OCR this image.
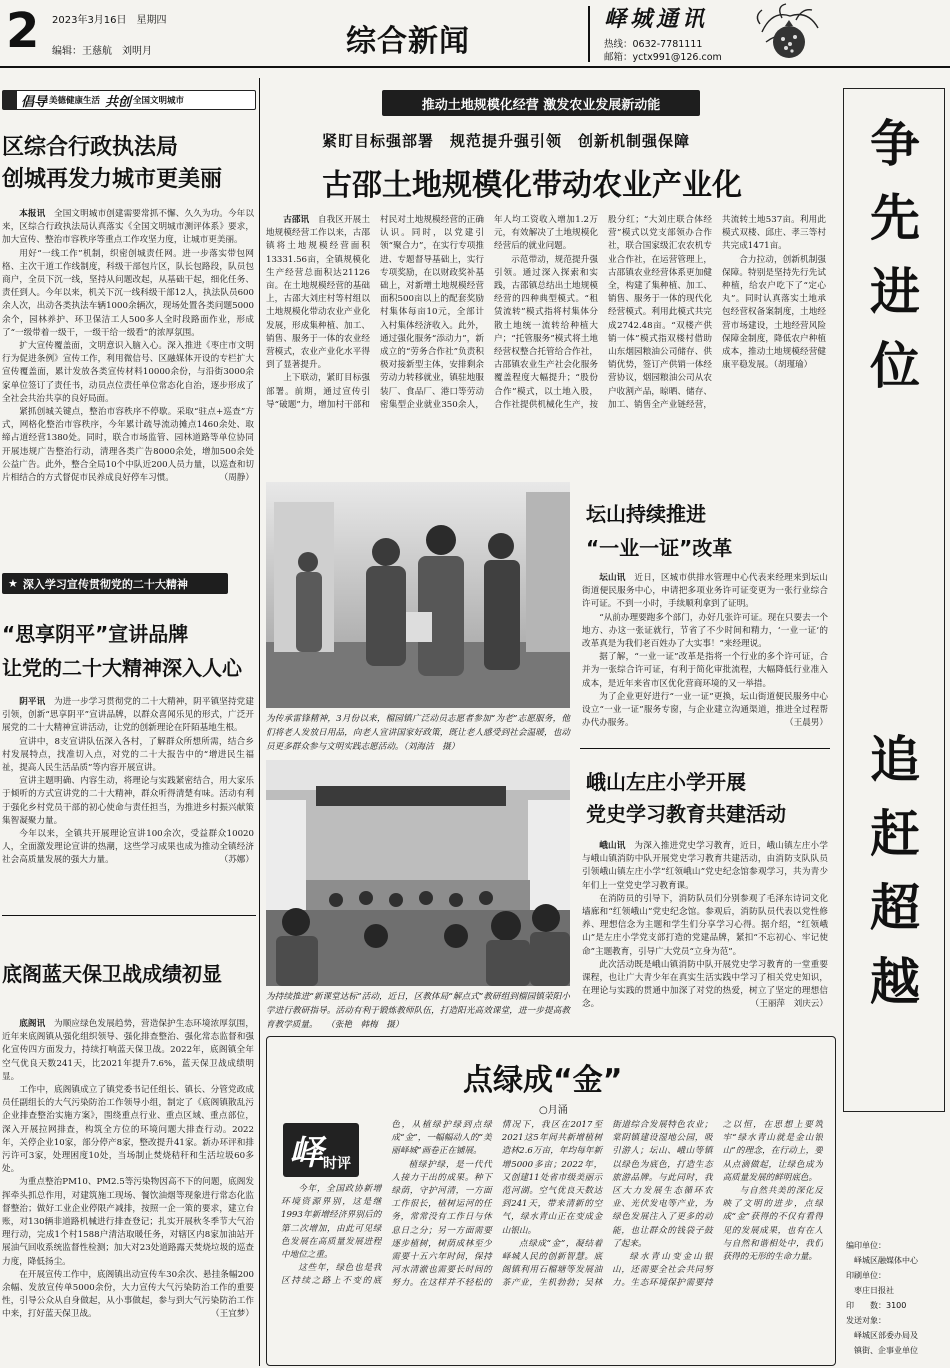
2 2023年3月16日　 星期四
编辑：王慈航　刘明月	综合新闻
峄城通讯
热线：0632-7781111
邮箱：yctx991@126.com
倡导 美德健康生活 共创 全国文明城市
区综合行政执法局
创城再发力城市更美丽

本报讯　 全国文明城市创建需要常抓不懈、久久为功。今年以来，区综合行政执法局认真落实《全国文明城市测评体系》要求，加大宣传、整治市容秩序等重点工作攻坚力度，让城市更美丽。

用好“一线工作”机制，织密创城责任网。进一步落实带包网格、主次干道工作线制度，科级干部包片区，队长包路段，队员包商户，全员下沉一线，坚持从问题改起，从基础干起，细化任务、责任到人。今年以来，机关下沉一线科级干部12人，执法队员600余人次，出动各类执法车辆1000余辆次，现场处置各类问题5000余个，园林养护、环卫保洁工人500多人全时段路面作业，形成了“一级带着一级干，一级干给一级看”的浓厚氛围。

扩大宣传覆盖面，文明意识入脑入心。深入推进《枣庄市文明行为促进条例》宣传工作，利用微信号、区融媒体开设的专栏扩大宣传覆盖面，累计发放各类宣传材料10000余份，与沿街3000余家单位签订了责任书，动员点位责任单位常态化自治，逐步形成了全社会共治共享的良好局面。

紧抓创城关键点，整治市容秩序不停歇。采取“驻点+巡查”方式，网格化整治市容秩序，今年累计疏导流动摊点1460余处、取缔占道经营1380处。同时，联合市场监管、园林道路等单位协同开展违规广告整治行动，清理各类广告8000余处，增加500余处公益广告。此外，整合全局10个中队近200人员力量，以巡查和切片相结合的方式督促市民养成良好停车习惯。	（周静）

★ 深入学习宣传贯彻党的二十大精神
“思享阴平”宣讲品牌
让党的二十大精神深入人心

阴平讯　 为进一步学习贯彻党的二十大精神，阴平镇坚持党建引领，创新“思享阴平”宣讲品牌，以群众喜闻乐见的形式，广泛开展党的二十大精神宣讲活动，让党的创新理论在阡陌基地生根。

宣讲中，8支宣讲队伍深入各村，了解群众所想所需，结合乡村发展特点，找准切入点，对党的二十大报告中的“增进民生福祉，提高人民生活品质”等内容开展宣讲。

宣讲主题明确、内容生动，将理论与实践紧密结合，用大家乐于倾听的方式宣讲党的二十大精神，群众听得清楚有味。活动有利于强化乡村党员干部的初心使命与责任担当，为推进乡村振兴献策集智凝聚力量。

今年以来，全镇共开展理论宣讲100余次，受益群众10020人，全面激发理论宣讲的热潮，这些学习成果也成为推动全镇经济社会高质量发展的强大力量。	（苏娜）

底阁蓝天保卫战成绩初显

底阁讯　 为顺应绿色发展趋势，营造保护生态环境浓厚氛围，近年来底阁镇从强化组织领导、强化排查整治、强化常态监督和强化宣传四方面发力，持续打响蓝天保卫战。2022年，底阁镇全年空气优良天数241天，比2021年提升7.6%，蓝天保卫战成绩明显。

工作中，底阁镇成立了镇党委书记任组长、镇长、分管党政成员任副组长的大气污染防治工作领导小组，制定了《底阁镇散乱污企业排查整治实施方案》，围绕重点行业、重点区域、重点部位，深入开展拉网排查，构筑全方位的环境问题大排查行动。2022年，关停企业10家，部分停产8家，整改提升41家。新办环评和排污许可3家，处理困度10处，当场制止焚烧秸秆和生活垃圾60多处。

为重点整治PM10、PM2.5等污染物因高不下的问题，底阁发挥牵头抓总作用，对建筑施工现场、餐饮油烟等现象进行常态化监督整治；做好工业企业停限产减排，按照一企一策的要求，建立台账，对130辆非道路机械进行排查登记；扎实开展秋冬季节大气治理行动，完成1个村1588户清洁取暖任务，对辖区内8家加油站开展油气回收系统监督性检测；加大对23处道路露天焚烧垃圾的巡查力度，降低扬尘。

在开展宣传工作中，底阁镇出动宣传车30余次、悬挂条幅200余幅、发放宣传单5000余份，大力宣传大气污染防治工作的重要性，引导公众从自身做起，从小事做起，参与到大气污染防治工作中来，打好蓝天保卫战。	（王宜梦）

推动土地规模化经营 激发农业发展新动能
紧盯目标强部署　规范提升强引领　创新机制强保障
古邵土地规模化带动农业产业化

古邵讯　 自我区开展土地规模经营工作以来，古邵镇将土地规模经营面积13331.56亩，全镇规模化生产经营总面积达21126亩。在土地规模经营的基础上，古邵大刘庄村等村组以土地规模化带动农业产业化发展，形成集种植、加工、销售、服务于一体的农业经营模式，农业产业化水平得到了显著提升。

上下联动，紧盯目标强部署。前期，通过宣传引导“破题”力，增加村干部和村民对土地规模经营的正确认识。同时，以党建引领“聚合力”，在实行专项推进、专题督导基础上，实行专项奖励，在以财政奖补基础上，对新增土地规模经营面积500亩以上的配套奖励村集体每亩10元，全部计入村集体经济收入。此外，通过强化服务“添动力”，新成立的“劳务合作社”负责积极对接新型主体，安排剩余劳动力转移就业，镇驻地服装厂、食品厂、港口等劳动密集型企业就业350余人，年人均工资收入增加1.2万元，有效解决了土地规模化经营后的就业问题。

示范带动，规范提升强引领。通过深入探索和实践，古邵镇总结出土地规模经营的四种典型模式。“租赁流转”模式指将村集体分散土地统一流转给种植大户；“托管服务”模式将土地经营权整合托管给合作社，古邵镇农业生产社会化服务覆盖程度大幅提升；“股份合作”模式，以土地入股，合作社提供机械化生产，按股分红；“大刘庄联合体经营”模式以党支部领办合作社，联合国家级汇农农机专业合作社，在运营管理上，古邵镇农业经营体系更加健全，构建了集种植、加工、销售、服务于一体的现代化经营模式。利用此模式共完成2742.48亩。“双楼产供销一体”模式指双楼村借助山东烟园粮油公司储存、供销优势，签订产供销一体经营协议，烟园粮油公司从农户收割产品，晾晒、储存、加工、销售全产业链经营，共流转土地537亩。利用此模式双楼、邱庄、孝三等村共完成1471亩。

合力拉动，创新机制强保障。特别是坚持先行先试种植，给农户吃下了“定心丸”。同时认真落实土地承包经营权备案制度，土地经营市场建设，土地经营风险保障金制度，降低农户种植成本，推动土地规模经营健康平稳发展。（胡瑾瑜）

为传承雷锋精神，3月份以来，榴园镇广泛动员志愿者参加“为老”志愿服务，他们将老人发放日用品，向老人宣讲国家好政策，既让老人感受到社会温暖，也动员更多群众参与文明实践志愿活动。（刘海洁　摄）
为持续推进“新课堂达标”活动，近日，区教体局“解点式”教研组到榴园镇荣阳小学进行教研指导。活动有利于锻炼教师队伍，打造阳光高效课堂，进一步提高教育教学质量。　　（张艳　韩梅　摄）
坛山持续推进
“一业一证”改革

坛山讯　 近日，区城市供排水管理中心代表来经理来到坛山街道便民服务中心，申请把多项业务许可证变更为一张行业综合许可证。不到一小时，手续顺利拿到了证明。

“从前办理要跑多个部门，办好几张许可证。现在只要去一个地方、办这一张证就行，节省了不少时间和精力，‘一业一证’的改革真是为我们老百姓办了大实事！”来经理说。

据了解，“一业一证”改革是指将一个行业的多个许可证，合并为一张综合许可证，有利于简化审批流程，大幅降低行业准入成本，是近年来省市区优化营商环境的又一举措。

为了企业更好进行“一业一证”更换，坛山街道便民服务中心设立“一业一证”服务专窗，与企业建立沟通渠道，推进全过程帮办代办服务。	（王晨男）

峨山左庄小学开展
党史学习教育共建活动

峨山讯　 为深入推进党史学习教育，近日，峨山镇左庄小学与峨山镇消防中队开展党史学习教育共建活动，由消防支队队员引领峨山镇左庄小学“红领峨山”党史纪念馆参观学习，共为青少年们上一堂党史学习教育课。

在消防员的引导下，消防队员们分别参观了毛泽东诗词文化墙廊和“红领峨山”党史纪念馆。参观后，消防队员代表以党性修养、理想信念为主题和学生们分享学习心得。据介绍，“红领峨山”是左庄小学党支部打造的党建品牌，紧扣“不忘初心、牢记使命”主题教育，引导广大党员“立身为范”。

此次活动既是峨山镇消防中队开展党史学习教育的一堂重要课程，也让广大青少年在真实生活实践中学习了相关党史知识，在理论与实践的贯通中加深了对党的热爱，树立了坚定的理想信念。	（王丽萍　刘庆云）

点绿成“金”
○月涌
峄 时评

今年，全国政协新增环境资源界别，这是继1993年新增经济界别后的第二次增加，由此可见绿色发展在高质量发展进程中地位之重。

这些年，绿色也是我区持续之路上不变的底色，从植绿护绿到点绿成“金”，一幅幅动人的“美丽峄城”画卷正在铺展。

植绿护绿，是一代代人接力干出的成果。种下绿荫，守护河清，一方面工作很长，植树运河的任务，常常没有工作日与休息日之分；另一方面需要逐步植树，树荫成林至少需要十五六年时间，保持河水清澈也需要长时间的努力。在这样并不轻松的情况下，我区在2017至2021这5年间共新增植树造林2.6万亩，年均每年新增5000多亩；2022年，又创建11处省市级美丽示范河湖。空气优良天数达到241天，带来清新的空气，绿水青山正在变成金山银山。

点绿成“金”，凝结着峄城人民的创新智慧。底阁镇利用石榴塘等发展油茶产业，生机勃勃；吴林街道综合发展特色农业；棠阴镇建设湿地公园，吸引游人；坛山、峨山等镇以绿色为底色，打造生态旅游品牌。与此同时，我区大力发展生态循环农业、光伏发电等产业，为绿色发展注入了更多的动能，也让群众的钱袋子鼓了起来。

绿水青山变金山银山，还需要全社会共同努力。生态环境保护需要持之以恒，在思想上要筑牢“绿水青山就是金山银山”的理念，在行动上，要从点滴做起，让绿色成为高质量发展的鲜明底色。

与自然共美的深化反映了文明的进步，点绿成“金”获得的不仅有看得见的发展成果，也有在人与自然和谐相处中，我们获得的无形的生命力量。

争
先
进
位
追
赶
超
越
编印单位：
　峄城区融媒体中心
印刷单位：
　枣庄日报社
印　　数：3100
发送对象：
　峄城区部委办局及
　镇街、企事业单位
